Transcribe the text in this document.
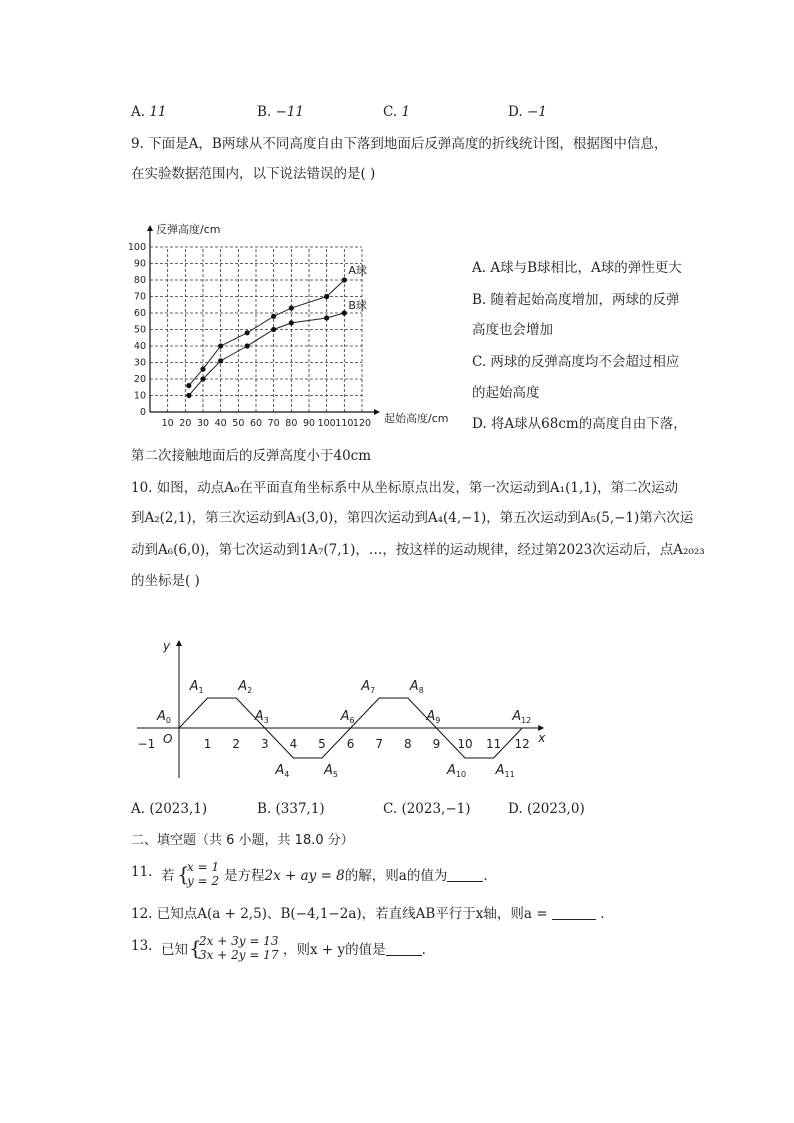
A. 11	B. −11	C. 1	D. −1
9. 下面是A，B两球从不同高度自由下落到地面后反弹高度的折线统计图，根据图中信息，
在实验数据范围内，以下说法错误的是( )
10 20 30 40 50 60 70 80 90 100 110 120
0
10
20
30
40
50
60
70
80
90
100
反弹高度/cm
起始高度/cm
A球
B球
A. A球与B球相比，A球的弹性更大
B. 随着起始高度增加，两球的反弹
高度也会增加
C. 两球的反弹高度均不会超过相应
的起始高度
D. 将A球从68cm的高度自由下落，
第二次接触地面后的反弹高度小于40cm
10. 如图，动点A₀在平面直角坐标系中从坐标原点出发，第一次运动到A₁(1,1)，第二次运动
到A₂(2,1)，第三次运动到A₃(3,0)，第四次运动到A₄(4,−1)，第五次运动到A₅(5,−1)第六次运
动到A₆(6,0)，第七次运动到1A₇(7,1)，…，按这样的运动规律，经过第2023次运动后，点A₂₀₂₃
的坐标是( )
x
y
O
−1	1 2 3 4 5 6 7 8 9 10 11 12
$A_0$
$A_1$	$A_2$
$A_3$
$A_4$	$A_5$
$A_6$
$A_7$	$A_8$
$A_9$
$A_{10}$ $A_{11}$
$A_{12}$
A. (2023,1)	B. (337,1)	C. (2023,−1)	D. (2023,0)
二、填空题（共 6 小题，共 18.0 分）
11. 若 {
x = 1
y = 2 是方程2x + ay = 8的解，则a的值为	.
12. 已知点A(a + 2,5)、B(−4,1−2a)，若直线AB平行于x轴，则a =	.
13. 已知 {
2x + 3y = 13
3x + 2y = 17 ，则x + y的值是	.
